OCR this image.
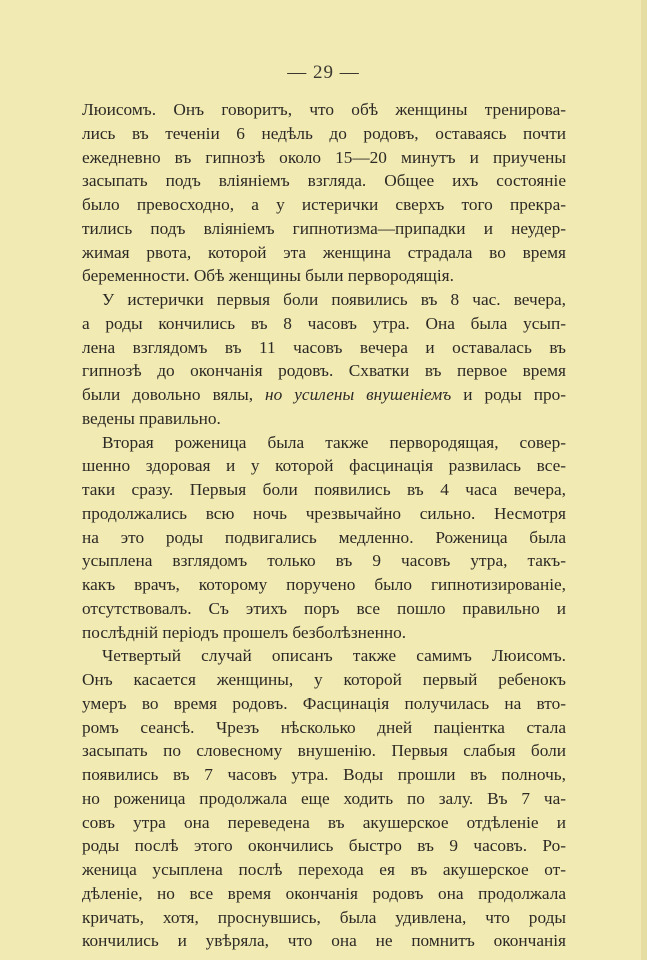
— 29 —
Люисомъ. Онъ говоритъ, что обѣ женщины тренирова-
лись въ теченіи 6 недѣль до родовъ, оставаясь почти
ежедневно въ гипнозѣ около 15—20 минутъ и приучены
засыпать подъ вліяніемъ взгляда. Общее ихъ состояніе
было превосходно, а у истерички сверхъ того прекра-
тились подъ вліяніемъ гипнотизма—припадки и неудер-
жимая рвота, которой эта женщина страдала во время
беременности. Обѣ женщины были первородящія.
У истерички первыя боли появились въ 8 час. вечера,
а роды кончились въ 8 часовъ утра. Она была усып-
лена взглядомъ въ 11 часовъ вечера и оставалась въ
гипнозѣ до окончанія родовъ. Схватки въ первое время
были довольно вялы, но усилены внушеніемъ и роды про-
ведены правильно.
Вторая роженица была также первородящая, совер-
шенно здоровая и у которой фасцинація развилась все-
таки сразу. Первыя боли появились въ 4 часа вечера,
продолжались всю ночь чрезвычайно сильно. Несмотря
на это роды подвигались медленно. Роженица была
усыплена взглядомъ только въ 9 часовъ утра, такъ-
какъ врачъ, которому поручено было гипнотизированіе,
отсутствовалъ. Съ этихъ поръ все пошло правильно и
послѣдній періодъ прошелъ безболѣзненно.
Четвертый случай описанъ также самимъ Люисомъ.
Онъ касается женщины, у которой первый ребенокъ
умеръ во время родовъ. Фасцинація получилась на вто-
ромъ сеансѣ. Чрезъ нѣсколько дней паціентка стала
засыпать по словесному внушенію. Первыя слабыя боли
появились въ 7 часовъ утра. Воды прошли въ полночь,
но роженица продолжала еще ходить по залу. Въ 7 ча-
совъ утра она переведена въ акушерское отдѣленіе и
роды послѣ этого окончились быстро въ 9 часовъ. Ро-
женица усыплена послѣ перехода ея въ акушерское от-
дѣленіе, но все время окончанія родовъ она продолжала
кричать, хотя, проснувшись, была удивлена, что роды
кончились и увѣряла, что она не помнитъ окончанія
